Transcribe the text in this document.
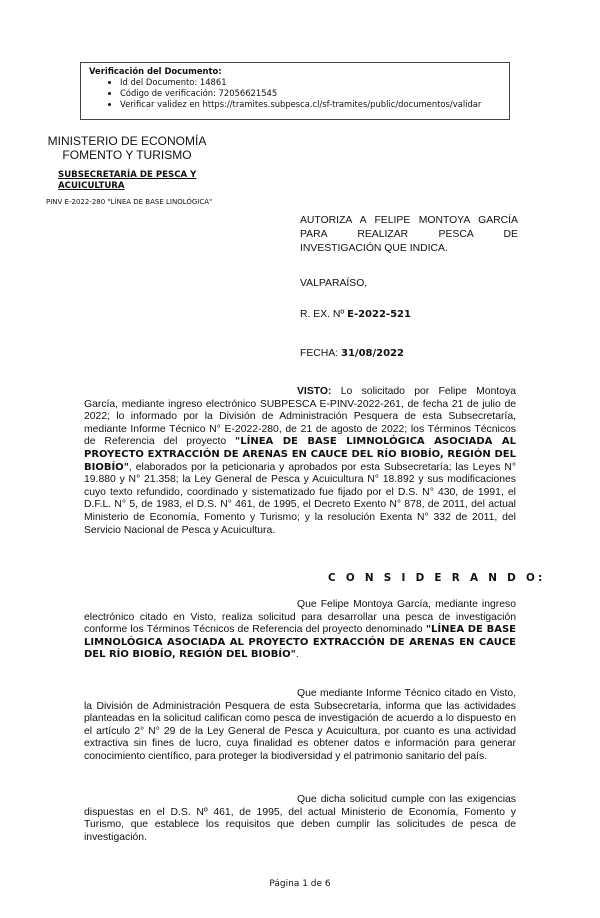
Verificación del Documento:
• Id del Documento: 14861
• Código de verificación: 72056621545
• Verificar validez en https://tramites.subpesca.cl/sf-tramites/public/documentos/validar
MINISTERIO DE ECONOMÍA
FOMENTO Y TURISMO
SUBSECRETARÍA DE PESCA Y
ACUICULTURA
PINV E-2022-280 "LÍNEA DE BASE LINOLÓGICA"
AUTORIZA A FELIPE MONTOYA GARCÍA PARA REALIZAR PESCA DE INVESTIGACIÓN QUE INDICA.
VALPARAÍSO,
R. EX. Nº E-2022-521
FECHA: 31/08/2022
VISTO: Lo solicitado por Felipe Montoya García, mediante ingreso electrónico SUBPESCA E-PINV-2022-261, de fecha 21 de julio de 2022; lo informado por la División de Administración Pesquera de esta Subsecretaría, mediante Informe Técnico N° E-2022-280, de 21 de agosto de 2022; los Términos Técnicos de Referencia del proyecto "LÍNEA DE BASE LIMNOLÓGICA ASOCIADA AL PROYECTO EXTRACCIÓN DE ARENAS EN CAUCE DEL RÍO BIOBÍO, REGIÓN DEL BIOBÍO", elaborados por la peticionaria y aprobados por esta Subsecretaría; las Leyes N° 19.880 y N° 21.358; la Ley General de Pesca y Acuicultura N° 18.892 y sus modificaciones cuyo texto refundido, coordinado y sistematizado fue fijado por el D.S. N° 430, de 1991, el D.F.L. N° 5, de 1983, el D.S. N° 461, de 1995, el Decreto Exento N° 878, de 2011, del actual Ministerio de Economía, Fomento y Turismo; y la resolución Exenta N° 332 de 2011, del Servicio Nacional de Pesca y Acuicultura.
C O N S I D E R A N D O:
Que Felipe Montoya García, mediante ingreso electrónico citado en Visto, realiza solicitud para desarrollar una pesca de investigación conforme los Términos Técnicos de Referencia del proyecto denominado "LÍNEA DE BASE LIMNOLÓGICA ASOCIADA AL PROYECTO EXTRACCIÓN DE ARENAS EN CAUCE DEL RÍO BIOBÍO, REGIÓN DEL BIOBÍO".
Que mediante Informe Técnico citado en Visto, la División de Administración Pesquera de esta Subsecretaría, informa que las actividades planteadas en la solicitud califican como pesca de investigación de acuerdo a lo dispuesto en el artículo 2° N° 29 de la Ley General de Pesca y Acuicultura, por cuanto es una actividad extractiva sin fines de lucro, cuya finalidad es obtener datos e información para generar conocimiento científico, para proteger la biodiversidad y el patrimonio sanitario del país.
Que dicha solicitud cumple con las exigencias dispuestas en el D.S. Nº 461, de 1995, del actual Ministerio de Economía, Fomento y Turismo, que establece los requisitos que deben cumplir las solicitudes de pesca de investigación.
Página 1 de 6
